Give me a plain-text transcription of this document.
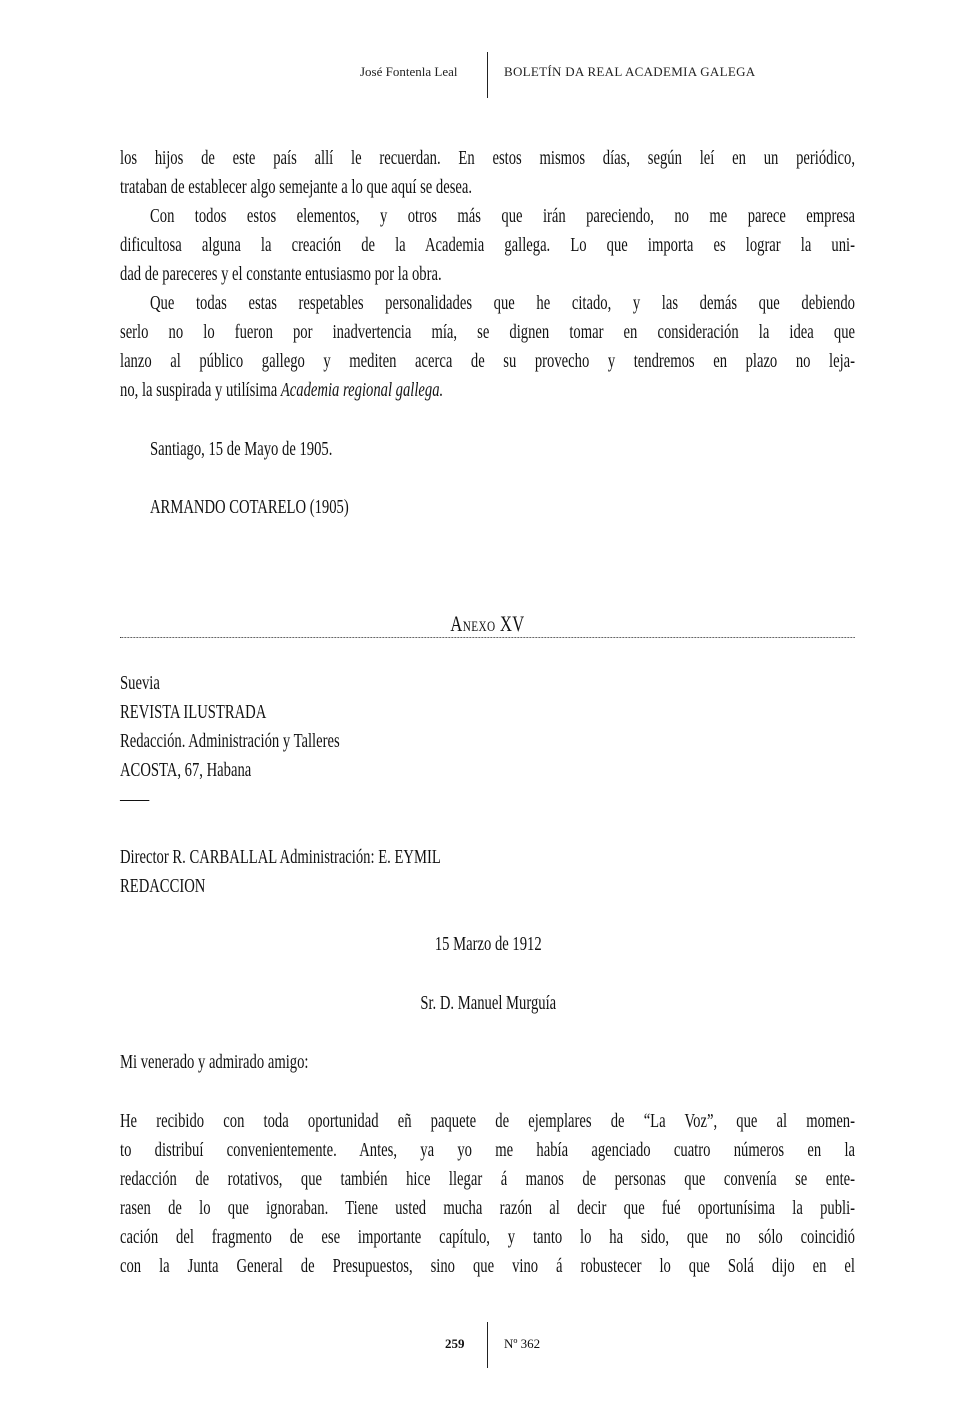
José Fontenla Leal	BOLETÍN DA REAL ACADEMIA GALEGA
los hijos de este país allí le recuerdan. En estos mismos días, según leí en un periódico,
trataban de establecer algo semejante a lo que aquí se desea.
Con todos estos elementos, y otros más que irán pareciendo, no me parece empresa
dificultosa alguna la creación de la Academia gallega. Lo que importa es lograr la uni-
dad de pareceres y el constante entusiasmo por la obra.
Que todas estas respetables personalidades que he citado, y las demás que debiendo
serlo no lo fueron por inadvertencia mía, se dignen tomar en consideración la idea que
lanzo al público gallego y mediten acerca de su provecho y tendremos en plazo no leja-
no, la suspirada y utilísima Academia regional gallega.
Santiago, 15 de Mayo de 1905.
ARMANDO COTARELO (1905)
Anexo XV
Suevia
REVISTA ILUSTRADA
Redacción. Administración y Talleres
ACOSTA, 67, Habana
——
Director R. CARBALLAL Administración: E. EYMIL
REDACCION
15 Marzo de 1912
Sr. D. Manuel Murguía
Mi venerado y admirado amigo:
He recibido con toda oportunidad eñ paquete de ejemplares de “La Voz”, que al momen-
to distribuí convenientemente. Antes, ya yo me había agenciado cuatro números en la
redacción de rotativos, que también hice llegar á manos de personas que convenía se ente-
rasen de lo que ignoraban. Tiene usted mucha razón al decir que fué oportunísima la publi-
cación del fragmento de ese importante capítulo, y tanto lo ha sido, que no sólo coincidió
con la Junta General de Presupuestos, sino que vino á robustecer lo que Solá dijo en el
259	Nº 362
